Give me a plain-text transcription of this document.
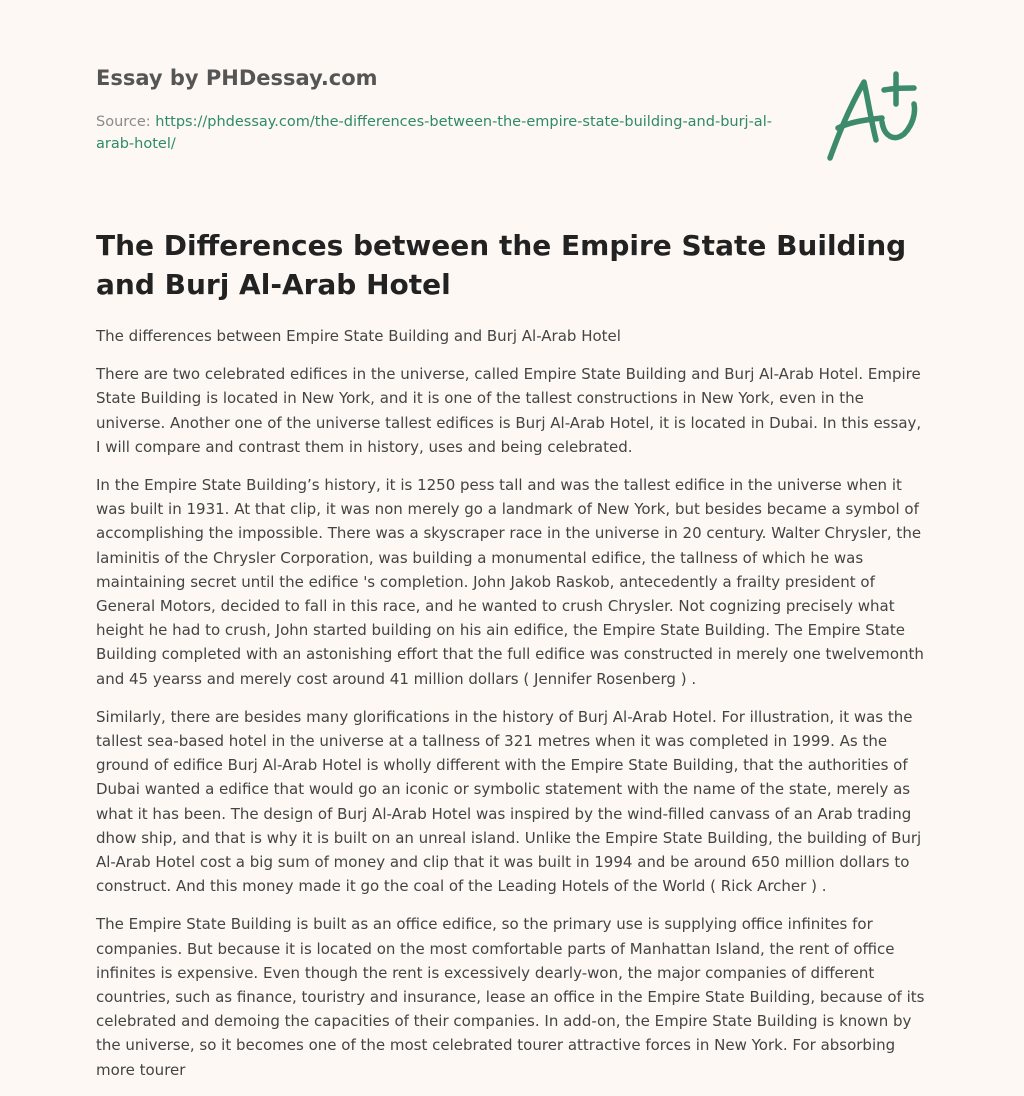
Essay by PHDessay.com
Source: https://phdessay.com/the-differences-between-the-empire-state-building-and-burj-al-arab-hotel/
The Differences between the Empire State Building and Burj Al-Arab Hotel

The differences between Empire State Building and Burj Al-Arab Hotel

There are two celebrated edifices in the universe, called Empire State Building and Burj Al-Arab Hotel. Empire State Building is located in New York, and it is one of the tallest constructions in New York, even in the universe. Another one of the universe tallest edifices is Burj Al-Arab Hotel, it is located in Dubai. In this essay, I will compare and contrast them in history, uses and being celebrated.

In the Empire State Building’s history, it is 1250 pess tall and was the tallest edifice in the universe when it was built in 1931. At that clip, it was non merely go a landmark of New York, but besides became a symbol of accomplishing the impossible. There was a skyscraper race in the universe in 20 century. Walter Chrysler, the laminitis of the Chrysler Corporation, was building a monumental edifice, the tallness of which he was maintaining secret until the edifice 's completion. John Jakob Raskob, antecedently a frailty president of General Motors, decided to fall in this race, and he wanted to crush Chrysler. Not cognizing precisely what height he had to crush, John started building on his ain edifice, the Empire State Building. The Empire State Building completed with an astonishing effort that the full edifice was constructed in merely one twelvemonth and 45 yearss and merely cost around 41 million dollars ( Jennifer Rosenberg ) .

Similarly, there are besides many glorifications in the history of Burj Al-Arab Hotel. For illustration, it was the tallest sea-based hotel in the universe at a tallness of 321 metres when it was completed in 1999. As the ground of edifice Burj Al-Arab Hotel is wholly different with the Empire State Building, that the authorities of Dubai wanted a edifice that would go an iconic or symbolic statement with the name of the state, merely as what it has been. The design of Burj Al-Arab Hotel was inspired by the wind-filled canvass of an Arab trading dhow ship, and that is why it is built on an unreal island. Unlike the Empire State Building, the building of Burj Al-Arab Hotel cost a big sum of money and clip that it was built in 1994 and be around 650 million dollars to construct. And this money made it go the coal of the Leading Hotels of the World ( Rick Archer ) .

The Empire State Building is built as an office edifice, so the primary use is supplying office infinites for companies. But because it is located on the most comfortable parts of Manhattan Island, the rent of office infinites is expensive. Even though the rent is excessively dearly-won, the major companies of different countries, such as finance, touristry and insurance, lease an office in the Empire State Building, because of its celebrated and demoing the capacities of their companies. In add-on, the Empire State Building is known by the universe, so it becomes one of the most celebrated tourer attractive forces in New York. For absorbing more tourer
